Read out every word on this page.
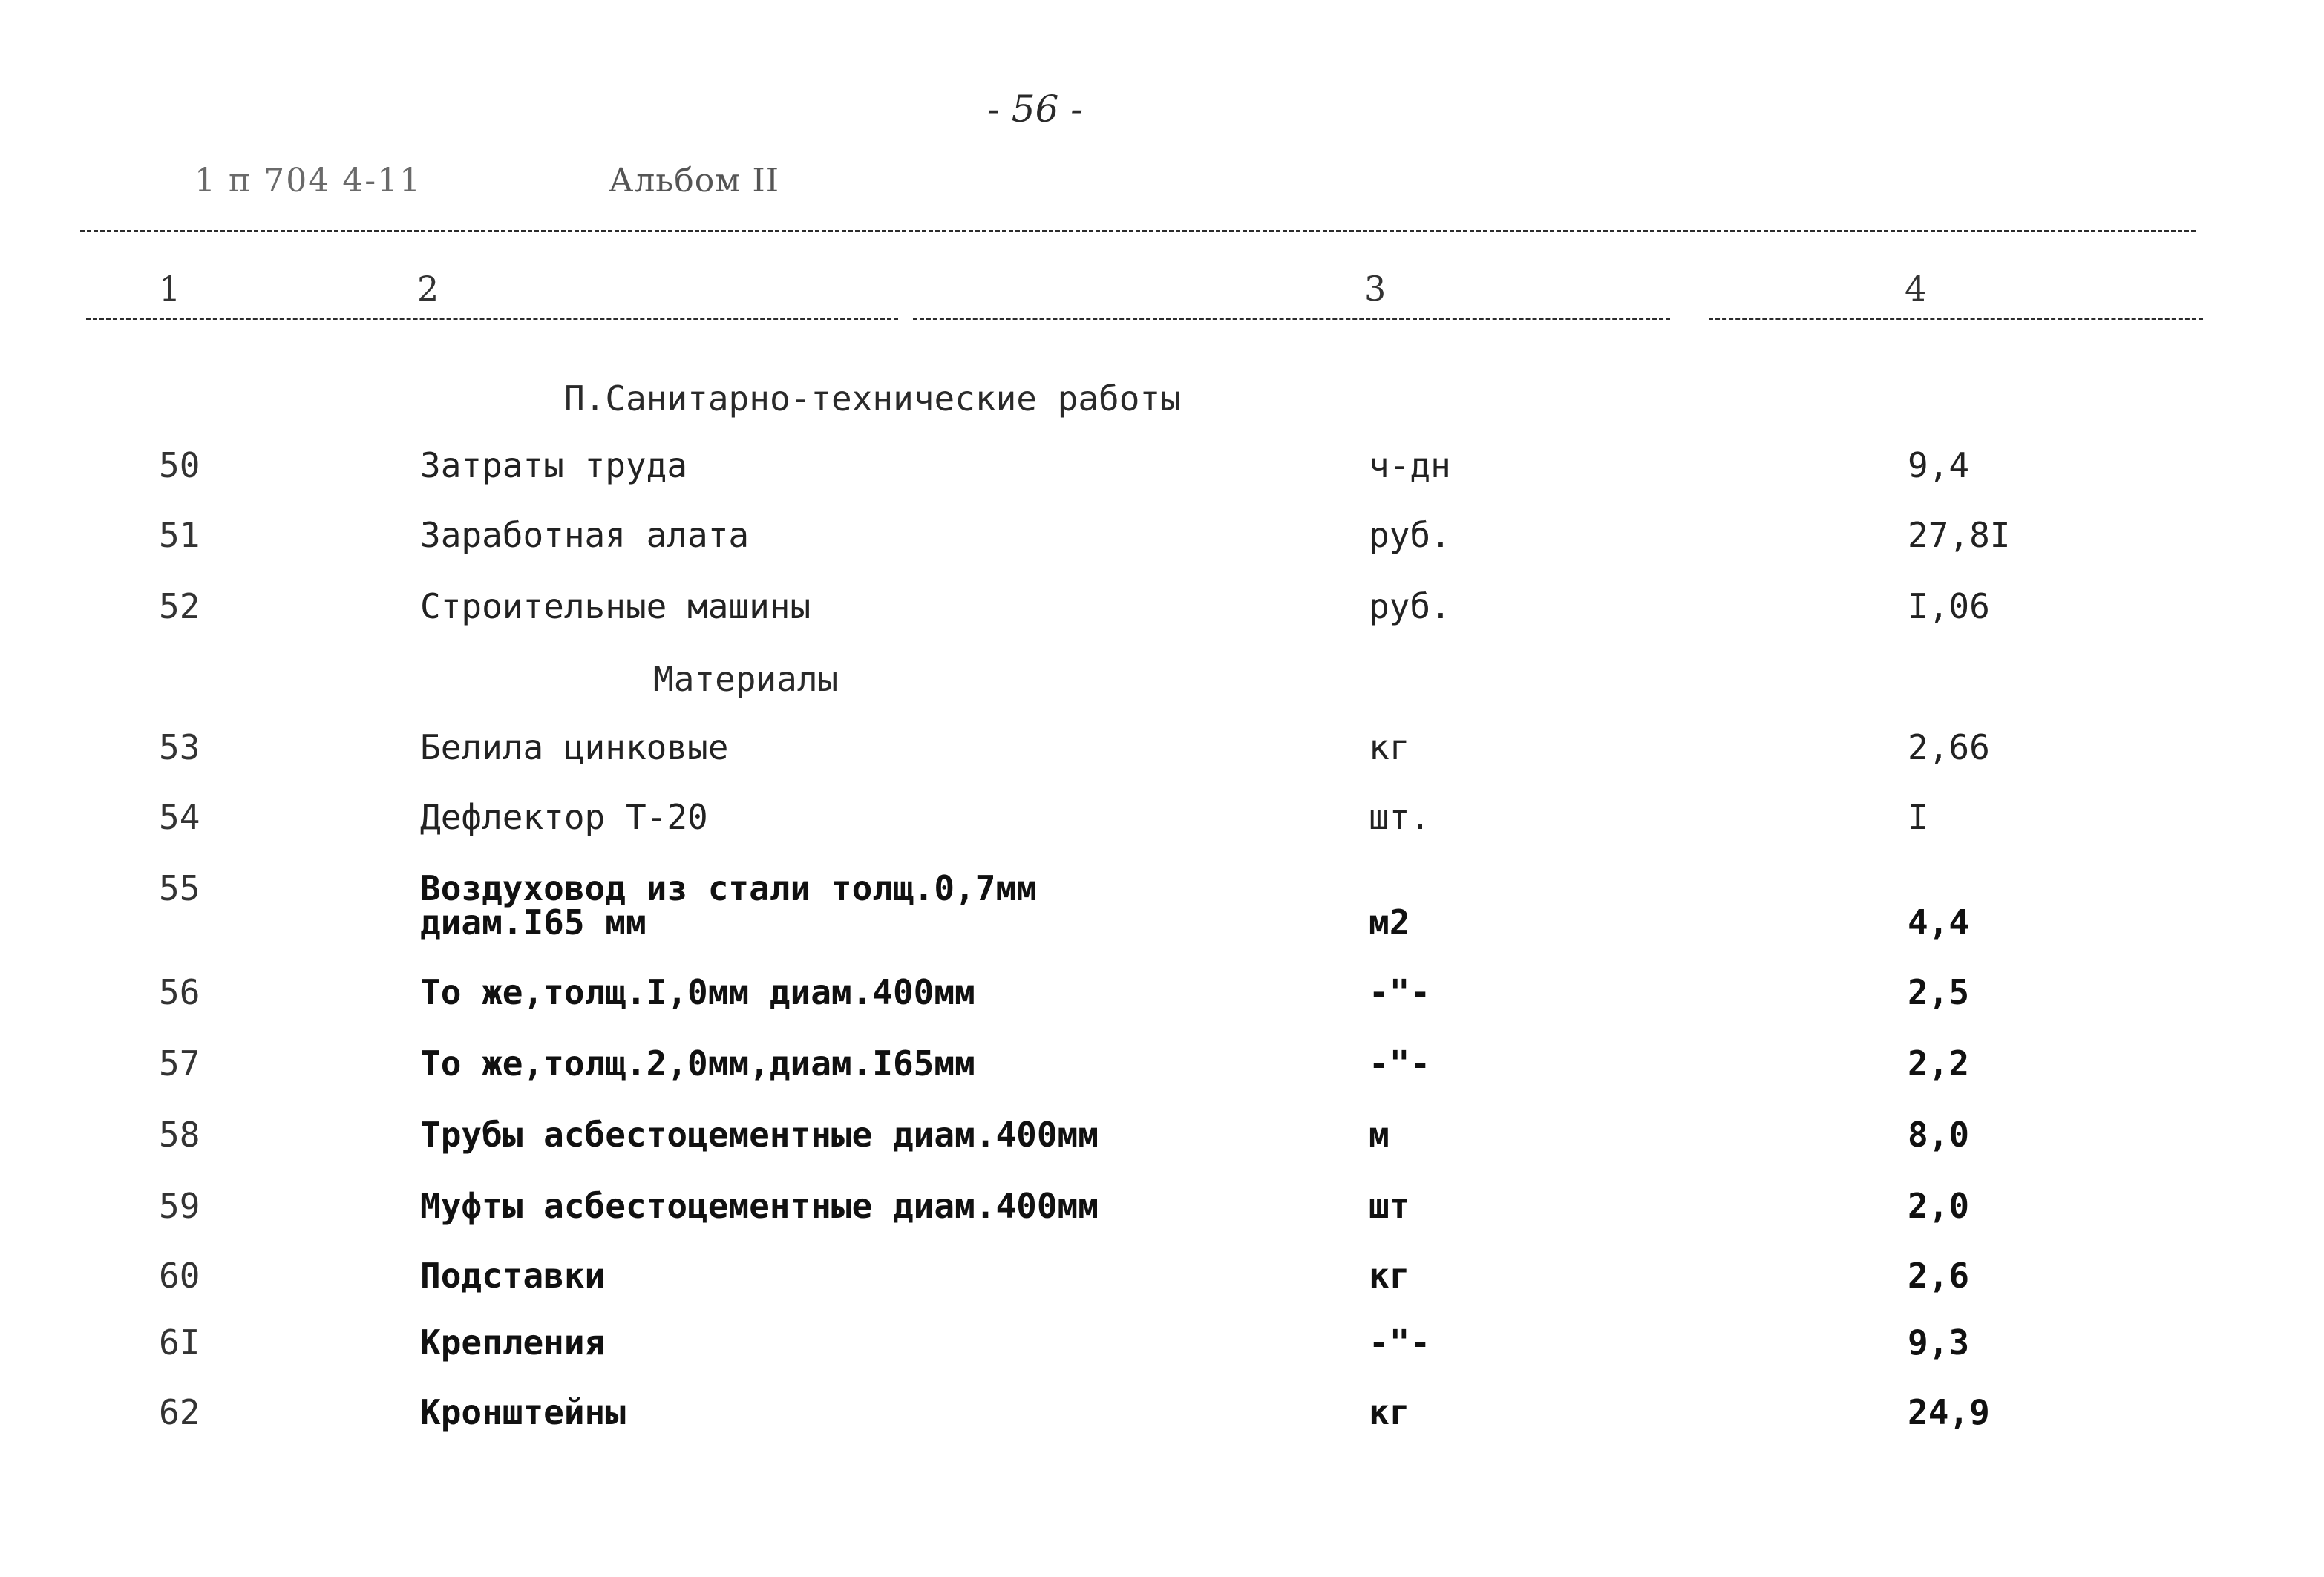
- 56 -
1 п 704 4-11	Альбом II
1	2	3	4
П.Санитарно-технические работы
Материалы
50	Затраты труда	ч-дн	9,4
51	Заработная алата	руб.	27,8I
52	Строительные машины	руб.	I,06
53	Белила цинковые	кг	2,66
54	Дефлектор Т-20	шт.	I
55	Воздуховод из стали толщ.0,7мм
диам.I65 мм	м2	4,4
56	То же,толщ.I,0мм диам.400мм	-"-	2,5
57	То же,толщ.2,0мм,диам.I65мм	-"-	2,2
58	Трубы асбестоцементные диам.400мм	м	8,0
59	Муфты асбестоцементные диам.400мм	шт	2,0
60	Подставки	кг	2,6
6I	Крепления	-"-	9,3
62	Кронштейны	кг	24,9
